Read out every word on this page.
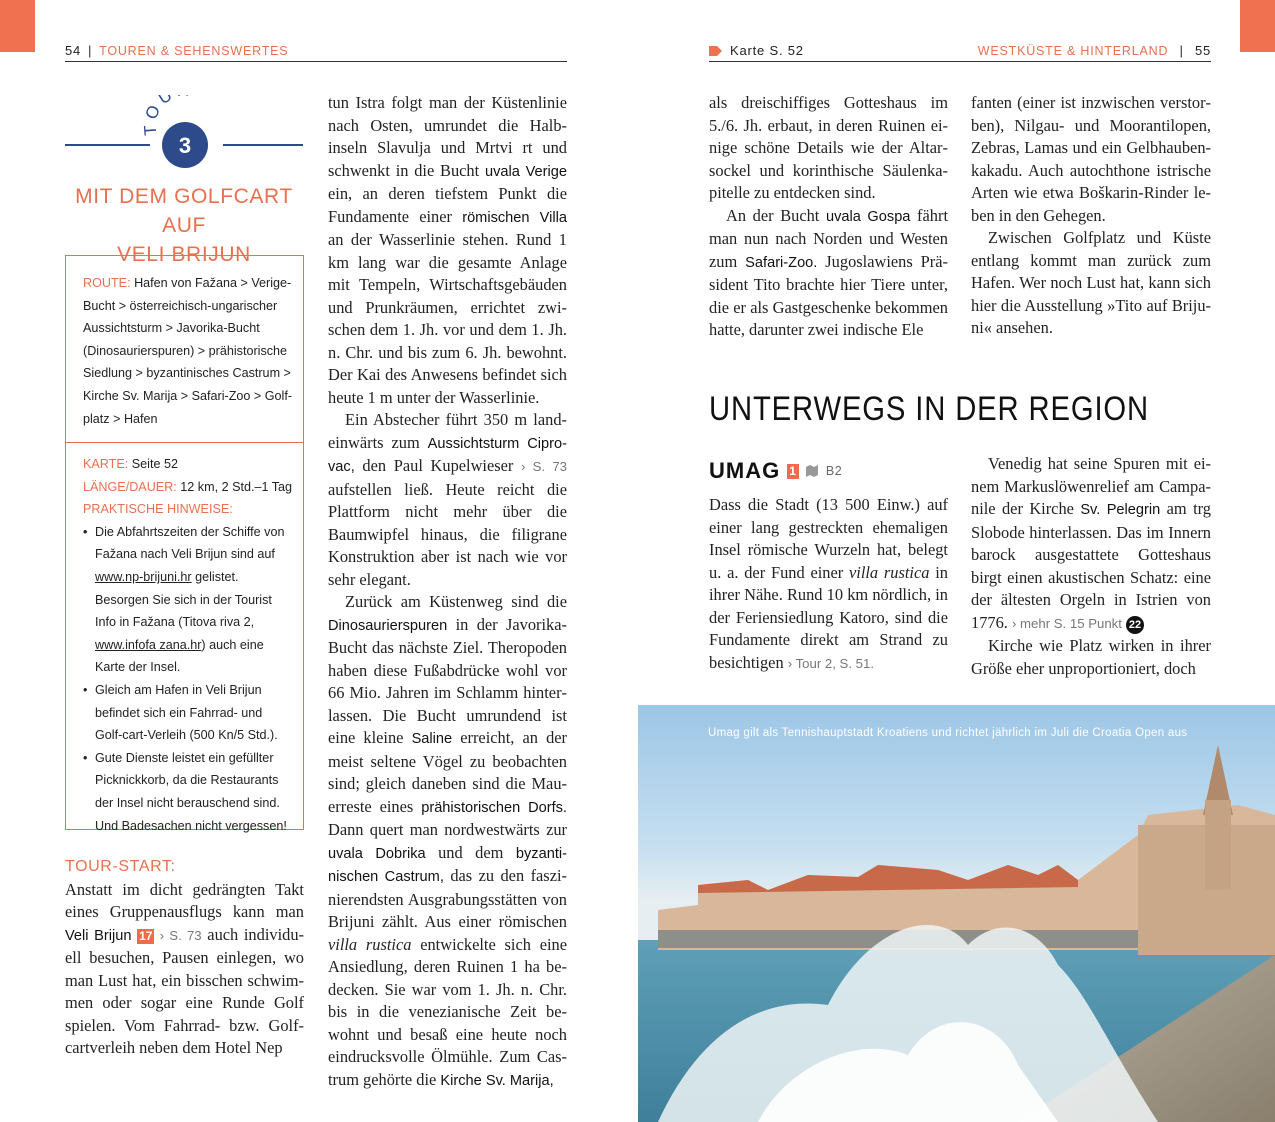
54 | TOUREN & SEHENSWERTES	Karte S. 52	WESTKÜSTE & HINTERLAND | 55
TOU
3
MIT DEM GOLFCART AUF
VELI BRIJUN
ROUTE: Hafen von Fažana > Verige-Bucht > österreichisch-ungarischer Aussichtsturm > Javorika-Bucht (Dinosaurierspuren) > prähistorische Siedlung > byzantinisches Castrum > Kirche Sv. Marija > Safari-Zoo > Golf-platz > Hafen
KARTE: Seite 52
LÄNGE/DAUER: 12 km, 2 Std.–1 Tag
PRAKTISCHE HINWEISE:
• Die Abfahrtszeiten der Schiffe von Fažana nach Veli Brijun sind auf www.np-brijuni.hr gelistet. Besorgen Sie sich in der Tourist Info in Fažana (Titova riva 2, www.infofa zana.hr) auch eine Karte der Insel.
• Gleich am Hafen in Veli Brijun befindet sich ein Fahrrad- und Golf-cart-Verleih (500 Kn/5 Std.).
• Gute Dienste leistet ein gefüllter Picknickkorb, da die Restaurants der Insel nicht berauschend sind. Und Badesachen nicht vergessen!
TOUR-START:

Anstatt im dicht gedrängten Takt eines Gruppenausflugs kann man Veli Brijun 17 › S. 73 auch individuell besuchen, Pausen einlegen, wo man Lust hat, ein bisschen schwimmen oder sogar eine Runde Golf spielen. Vom Fahrrad- bzw. Golfcartverleih neben dem Hotel Nep

tun Istra folgt man der Küstenlinie nach Osten, umrundet die Halbinseln Slavulja und Mrtvi rt und schwenkt in die Bucht uvala Verige ein, an deren tiefstem Punkt die Fundamente einer römischen Villa an der Wasserlinie stehen. Rund 1 km lang war die gesamte Anlage mit Tempeln, Wirtschaftsgebäuden und Prunkräumen, errichtet zwischen dem 1. Jh. vor und dem 1. Jh. n. Chr. und bis zum 6. Jh. bewohnt. Der Kai des Anwesens befindet sich heute 1 m unter der Wasserlinie.

Ein Abstecher führt 350 m landeinwärts zum Aussichtsturm Ciprovac, den Paul Kupelwieser › S. 73 aufstellen ließ. Heute reicht die Plattform nicht mehr über die Baumwipfel hinaus, die filigrane Konstruktion aber ist nach wie vor sehr elegant.

Zurück am Küstenweg sind die Dinosaurierspuren in der Javorika-Bucht das nächste Ziel. Theropoden haben diese Fußabdrücke wohl vor 66 Mio. Jahren im Schlamm hinterlassen. Die Bucht umrundend ist eine kleine Saline erreicht, an der meist seltene Vögel zu beobachten sind; gleich daneben sind die Mauerreste eines prähistorischen Dorfs. Dann quert man nordwestwärts zur uvala Dobrika und dem byzantinischen Castrum, das zu den faszinierendsten Ausgrabungsstätten von Brijuni zählt. Aus einer römischen villa rustica entwickelte sich eine Ansiedlung, deren Ruinen 1 ha bedecken. Sie war vom 1. Jh. n. Chr. bis in die venezianische Zeit bewohnt und besaß eine heute noch eindrucksvolle Ölmühle. Zum Castrum gehörte die Kirche Sv. Marija,

als dreischiffiges Gotteshaus im 5./6. Jh. erbaut, in deren Ruinen einige schöne Details wie der Altarsockel und korinthische Säulenkapitelle zu entdecken sind.

An der Bucht uvala Gospa fährt man nun nach Norden und Westen zum Safari-Zoo. Jugoslawiens Präsident Tito brachte hier Tiere unter, die er als Gastgeschenke bekommen hatte, darunter zwei indische Ele

fanten (einer ist inzwischen verstorben), Nilgau- und Moorantilopen, Zebras, Lamas und ein Gelbhaubenkakadu. Auch autochthone istrische Arten wie etwa Boškarin-Rinder leben in den Gehegen.

Zwischen Golfplatz und Küste entlang kommt man zurück zum Hafen. Wer noch Lust hat, kann sich hier die Ausstellung »Tito auf Brijuni« ansehen.

UNTERWEGS IN DER REGION
UMAG 1 B2

Dass die Stadt (13 500 Einw.) auf einer lang gestreckten ehemaligen Insel römische Wurzeln hat, belegt u. a. der Fund einer villa rustica in ihrer Nähe. Rund 10 km nördlich, in der Feriensiedlung Katoro, sind die Fundamente direkt am Strand zu besichtigen › Tour 2, S. 51.

Venedig hat seine Spuren mit einem Markuslöwenrelief am Campanile der Kirche Sv. Pelegrin am trg Slobode hinterlassen. Das im Innern barock ausgestattete Gotteshaus birgt einen akustischen Schatz: eine der ältesten Orgeln in Istrien von 1776. › mehr S. 15 Punkt 22

Kirche wie Platz wirken in ihrer Größe eher unproportioniert, doch

Umag gilt als Tennishauptstadt Kroatiens und richtet jährlich im Juli die Croatia Open aus
